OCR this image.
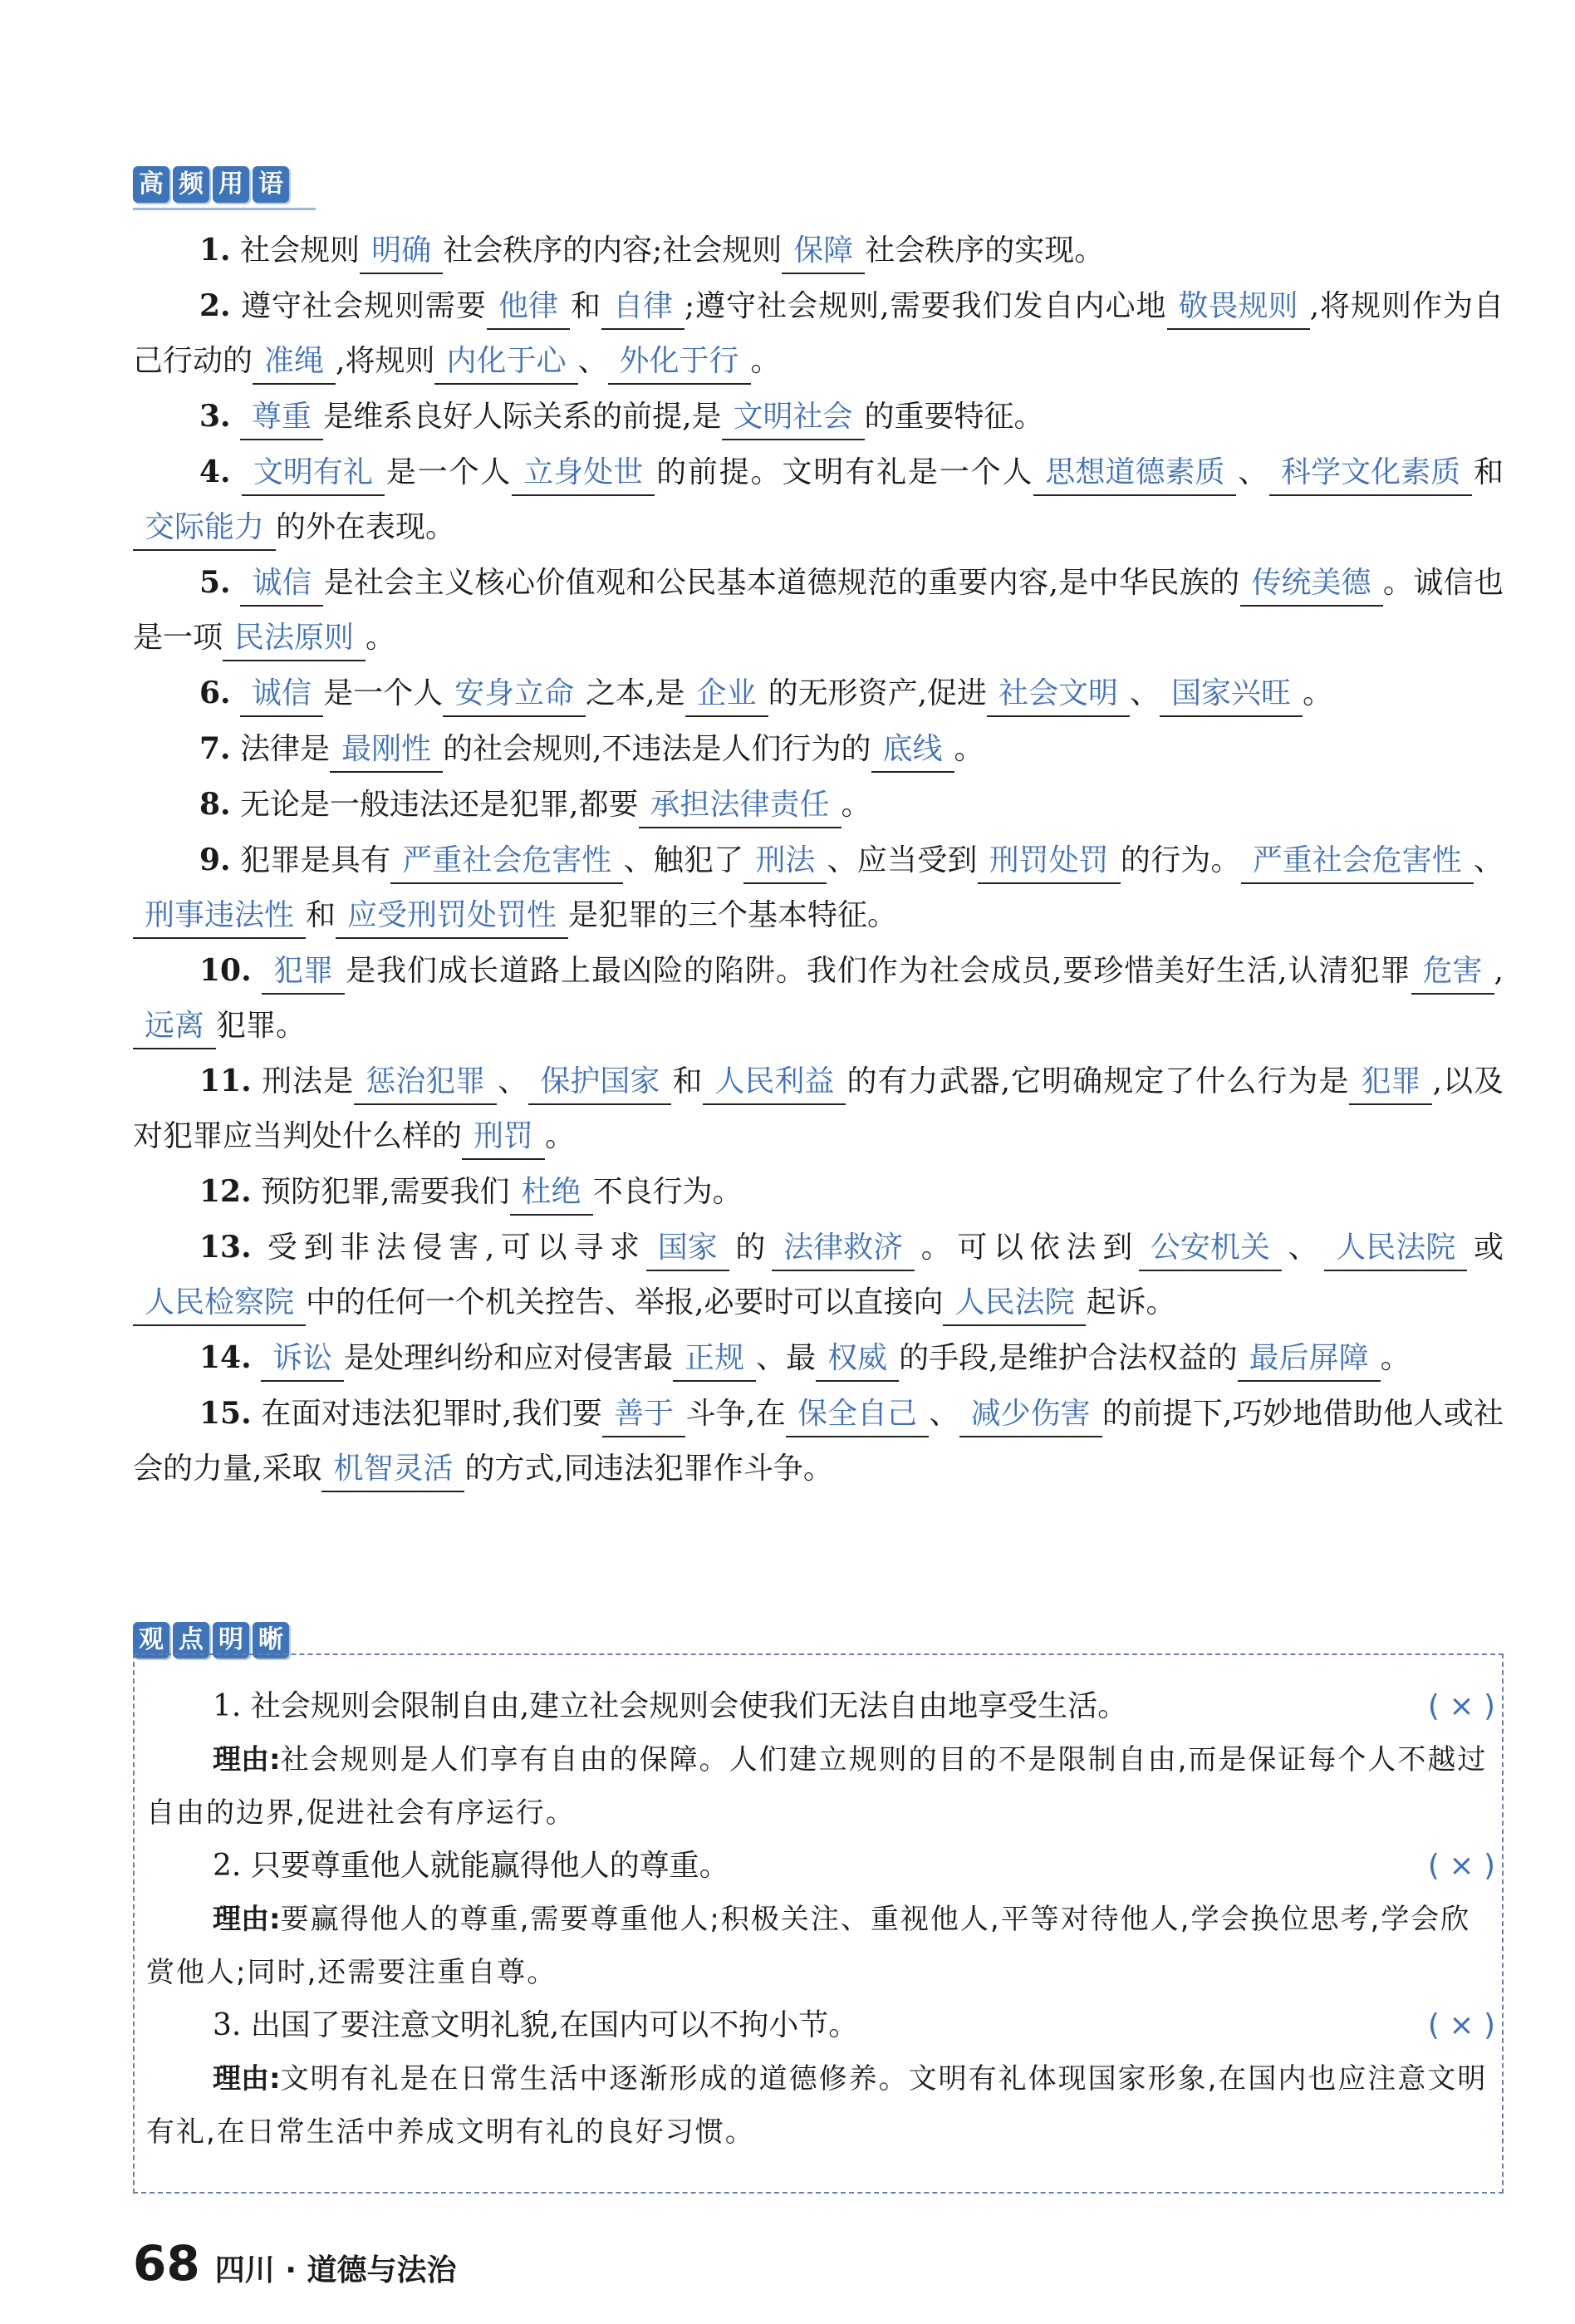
高 频 用 语

1. 社会规则 明确 社会秩序的内容;社会规则 保障 社会秩序的实现。

2. 遵守社会规则需要 他律 和 自律 ;遵守社会规则,需要我们发自内心地 敬畏规则 ,将规则作为自己行动的 准绳 ,将规则 内化于心 、 外化于行 。

3. 尊重 是维系良好人际关系的前提,是 文明社会 的重要特征。

4. 文明有礼 是一个人 立身处世 的前提。文明有礼是一个人 思想道德素质 、 科学文化素质 和交际能力 的外在表现。

5. 诚信 是社会主义核心价值观和公民基本道德规范的重要内容,是中华民族的 传统美德 。诚信也是一项 民法原则 。

6. 诚信 是一个人 安身立命 之本,是 企业 的无形资产,促进 社会文明 、 国家兴旺 。

7. 法律是 最刚性 的社会规则,不违法是人们行为的 底线 。

8. 无论是一般违法还是犯罪,都要 承担法律责任 。

9. 犯罪是具有 严重社会危害性 、触犯了 刑法 、应当受到 刑罚处罚 的行为。 严重社会危害性 、刑事违法性 和 应受刑罚处罚性 是犯罪的三个基本特征。

10. 犯罪 是我们成长道路上最凶险的陷阱。我们作为社会成员,要珍惜美好生活,认清犯罪 危害 ,远离 犯罪。

11. 刑法是 惩治犯罪 、 保护国家 和 人民利益 的有力武器,它明确规定了什么行为是 犯罪 ,以及对犯罪应当判处什么样的 刑罚 。

12. 预防犯罪,需要我们 杜绝 不良行为。

13. 受到非法侵害,可以寻求 国家 的 法律救济 。可以依法到 公安机关 、 人民法院 或人民检察院 中的任何一个机关控告、举报,必要时可以直接向 人民法院 起诉。

14. 诉讼 是处理纠纷和应对侵害最 正规 、最 权威 的手段,是维护合法权益的 最后屏障 。

15. 在面对违法犯罪时,我们要 善于 斗争,在 保全自己 、 减少伤害 的前提下,巧妙地借助他人或社会的力量,采取 机智灵活 的方式,同违法犯罪作斗争。

观 点 明 晰

1. 社会规则会限制自由,建立社会规则会使我们无法自由地享受生活。	( × )

理由:社会规则是人们享有自由的保障。人们建立规则的目的不是限制自由,而是保证每个人不越过自由的边界,促进社会有序运行。

2. 只要尊重他人就能赢得他人的尊重。	( × )

理由:要赢得他人的尊重,需要尊重他人;积极关注、重视他人,平等对待他人,学会换位思考,学会欣赏他人;同时,还需要注重自尊。

3. 出国了要注意文明礼貌,在国内可以不拘小节。	( × )

理由:文明有礼是在日常生活中逐渐形成的道德修养。文明有礼体现国家形象,在国内也应注意文明有礼,在日常生活中养成文明有礼的良好习惯。

68 四川 · 道德与法治
